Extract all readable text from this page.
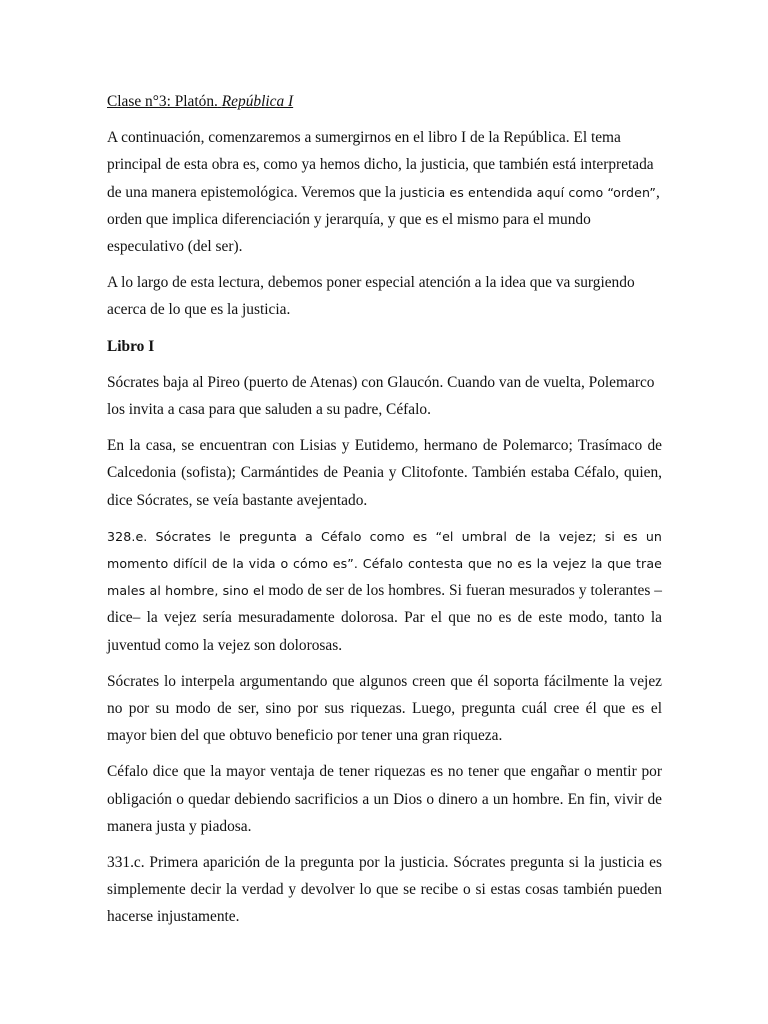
Clase n°3: Platón. República I

A continuación, comenzaremos a sumergirnos en el libro I de la República. El tema principal de esta obra es, como ya hemos dicho, la justicia, que también está interpretada de una manera epistemológica. Veremos que la justicia es entendida aquí como “orden”, orden que implica diferenciación y jerarquía, y que es el mismo para el mundo especulativo (del ser).

A lo largo de esta lectura, debemos poner especial atención a la idea que va surgiendo acerca de lo que es la justicia.

Libro I

Sócrates baja al Pireo (puerto de Atenas) con Glaucón. Cuando van de vuelta, Polemarco los invita a casa para que saluden a su padre, Céfalo.

En la casa, se encuentran con Lisias y Eutidemo, hermano de Polemarco; Trasímaco de Calcedonia (sofista); Carmántides de Peania y Clitofonte. También estaba Céfalo, quien, dice Sócrates, se veía bastante avejentado.

328.e. Sócrates le pregunta a Céfalo como es “el umbral de la vejez; si es un momento difícil de la vida o cómo es”. Céfalo contesta que no es la vejez la que trae males al hombre, sino el modo de ser de los hombres. Si fueran mesurados y tolerantes –dice– la vejez sería mesuradamente dolorosa. Par el que no es de este modo, tanto la juventud como la vejez son dolorosas.

Sócrates lo interpela argumentando que algunos creen que él soporta fácilmente la vejez no por su modo de ser, sino por sus riquezas. Luego, pregunta cuál cree él que es el mayor bien del que obtuvo beneficio por tener una gran riqueza.

Céfalo dice que la mayor ventaja de tener riquezas es no tener que engañar o mentir por obligación o quedar debiendo sacrificios a un Dios o dinero a un hombre. En fin, vivir de manera justa y piadosa.

331.c. Primera aparición de la pregunta por la justicia. Sócrates pregunta si la justicia es simplemente decir la verdad y devolver lo que se recibe o si estas cosas también pueden hacerse injustamente.
